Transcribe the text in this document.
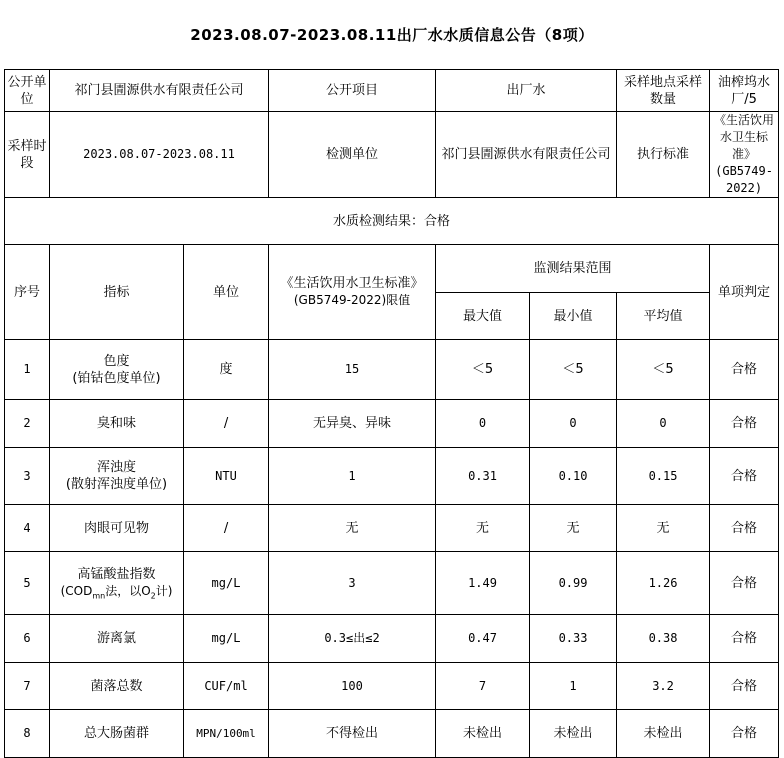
2023.08.07-2023.08.11出厂水水质信息公告（8项）
公开单位	祁门县圊源供水有限责任公司		公开项目	出厂水		采样地点采样数量	油榨坞水厂/5
采样时段	2023.08.07-2023.08.11		检测单位	祁门县圊源供水有限责任公司		执行标准	《生活饮用水卫生标准》
(GB5749-2022)

水质检测结果：合格							
序号	指标	单位	《生活饮用水卫生标准》
(GB5749-2022)限值	监测结果范围			单项判定
				最大值	最小值	平均值	
1	色度
(铂钴色度单位)	度	15	＜5	＜5	＜5	合格
2	臭和味	/	无异臭、异味	0	0	0	合格
3	浑浊度
(散射浑浊度单位)	NTU	1	0.31	0.10	0.15	合格
4	肉眼可见物	/	无	无	无	无	合格
5	高锰酸盐指数
($COD_{mn}$法，以$O_2$计)	mg/L	3	1.49	0.99	1.26	合格
6	游离氯	mg/L	0.3≤出≤2	0.47	0.33	0.38	合格
7	菌落总数	CUF/ml	100	7	1	3.2	合格
8	总大肠菌群	MPN/100ml	不得检出	未检出	未检出	未检出	合格
